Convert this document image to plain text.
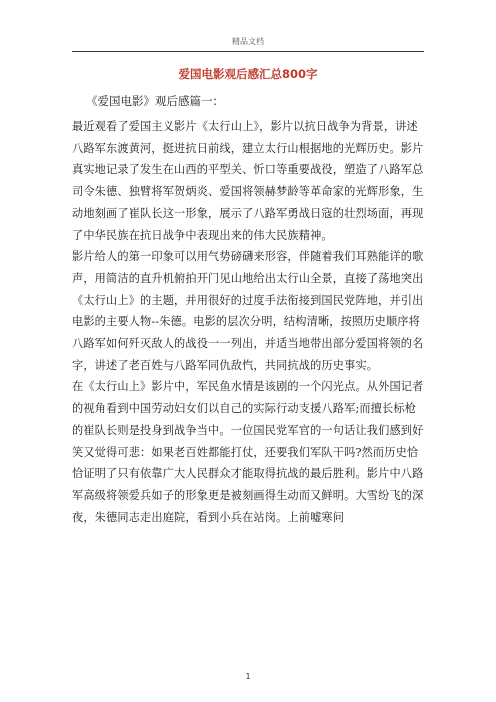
精品文档
爱国电影观后感汇总800字
《爱国电影》观后感篇一：

最近观看了爱国主义影片《太行山上》，影片以抗日战争为背景，讲述八路军东渡黄河，挺进抗日前线，建立太行山根据地的光辉历史。影片真实地记录了发生在山西的平型关、忻口等重要战役，塑造了八路军总司令朱德、独臂将军贺炳炎、爱国将领赫梦龄等革命家的光辉形象，生动地刻画了崔队长这一形象，展示了八路军勇战日寇的壮烈场面，再现了中华民族在抗日战争中表现出来的伟大民族精神。

影片给人的第一印象可以用气势磅礴来形容，伴随着我们耳熟能详的歌声，用简洁的直升机俯拍开门见山地给出太行山全景，直接了荡地突出《太行山上》的主题，并用很好的过度手法衔接到国民党阵地，并引出电影的主要人物--朱德。电影的层次分明，结构清晰，按照历史顺序将八路军如何歼灭敌人的战役一一列出，并适当地带出部分爱国将领的名字，讲述了老百姓与八路军同仇敌忾，共同抗战的历史事实。

在《太行山上》影片中，军民鱼水情是该剧的一个闪光点。从外国记者的视角看到中国劳动妇女们以自己的实际行动支援八路军;而擅长标枪的崔队长则是投身到战争当中。一位国民党军官的一句话让我们感到好笑又觉得可悲：如果老百姓都能打仗，还要我们军队干吗?然而历史恰恰证明了只有依靠广大人民群众才能取得抗战的最后胜利。影片中八路军高级将领爱兵如子的形象更是被刻画得生动而又鲜明。大雪纷飞的深夜，朱德同志走出庭院，看到小兵在站岗。上前嘘寒问

1
